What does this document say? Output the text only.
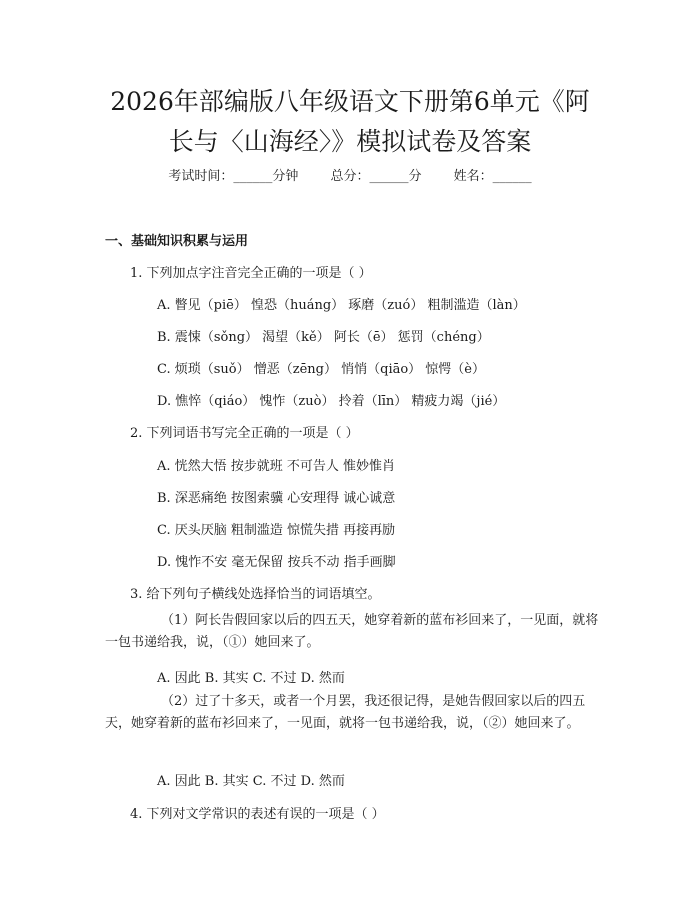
2026年部编版八年级语文下册第6单元《阿
长与〈山海经〉》模拟试卷及答案
考试时间：______分钟 总分：______分 姓名：______
一、基础知识积累与运用
1. 下列加点字注音完全正确的一项是（ ）
A. 瞥见（piē） 惶恐（huáng） 琢磨（zuó） 粗制滥造（làn）
B. 震悚（sǒng） 渴望（kě） 阿长（ē） 惩罚（chéng）
C. 烦琐（suǒ） 憎恶（zēng） 悄悄（qiāo） 惊愕（è）
D. 憔悴（qiáo） 愧怍（zuò） 拎着（līn） 精疲力竭（jié）
2. 下列词语书写完全正确的一项是（ ）
A. 恍然大悟 按步就班 不可告人 惟妙惟肖
B. 深恶痛绝 按图索骥 心安理得 诚心诚意
C. 厌头厌脑 粗制滥造 惊慌失措 再接再励
D. 愧怍不安 毫无保留 按兵不动 指手画脚
3. 给下列句子横线处选择恰当的词语填空。
（1）阿长告假回家以后的四五天，她穿着新的蓝布衫回来了，一见面，就将一包书递给我，说，（①）她回来了。
A. 因此 B. 其实 C. 不过 D. 然而
（2）过了十多天，或者一个月罢，我还很记得，是她告假回家以后的四五天，她穿着新的蓝布衫回来了，一见面，就将一包书递给我，说，（②）她回来了。
A. 因此 B. 其实 C. 不过 D. 然而
4. 下列对文学常识的表述有误的一项是（ ）
